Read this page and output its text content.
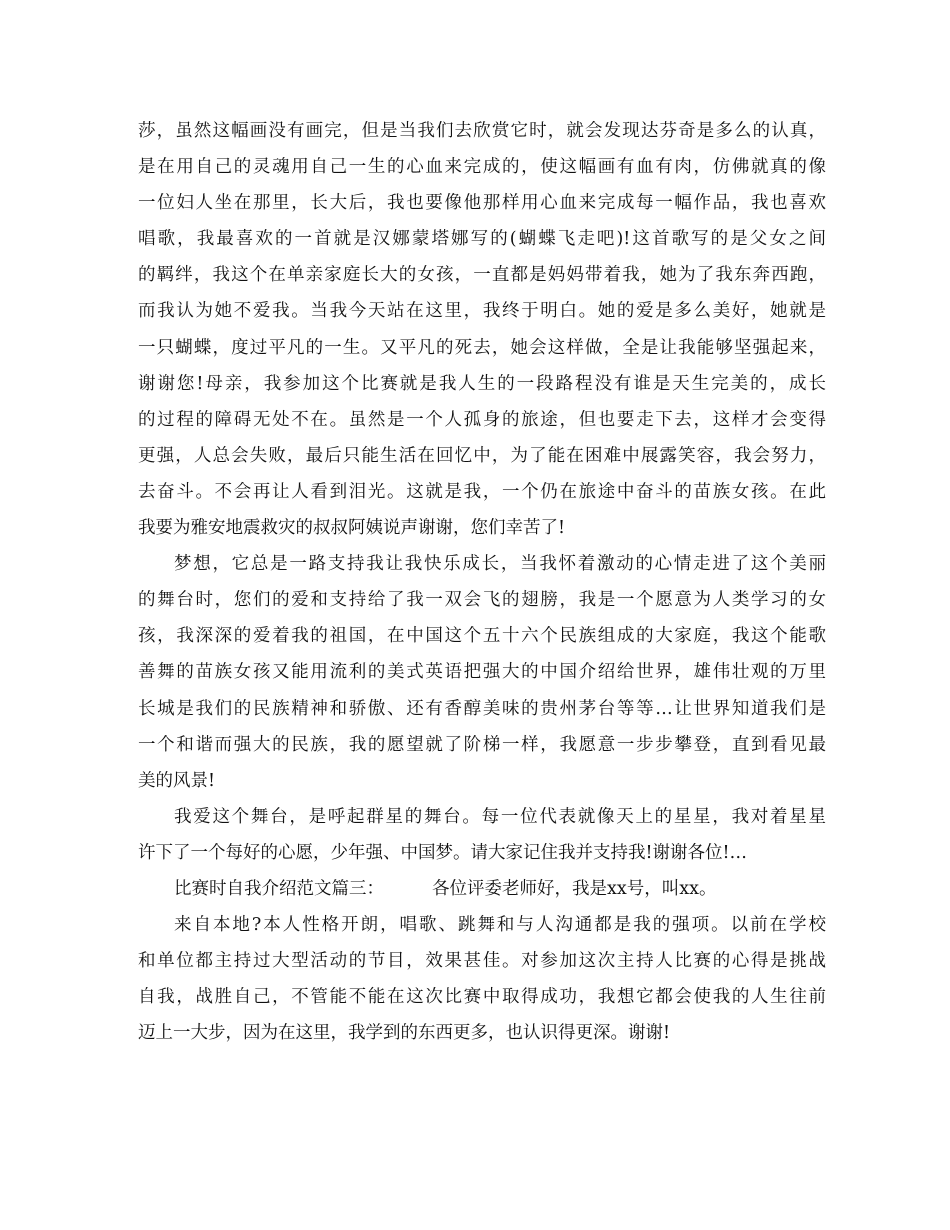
莎，虽然这幅画没有画完，但是当我们去欣赏它时，就会发现达芬奇是多么的认真，
是在用自己的灵魂用自己一生的心血来完成的，使这幅画有血有肉，仿佛就真的像
一位妇人坐在那里，长大后，我也要像他那样用心血来完成每一幅作品，我也喜欢
唱歌，我最喜欢的一首就是汉娜蒙塔娜写的(蝴蝶飞走吧)!这首歌写的是父女之间
的羁绊，我这个在单亲家庭长大的女孩，一直都是妈妈带着我，她为了我东奔西跑，
而我认为她不爱我。当我今天站在这里，我终于明白。她的爱是多么美好，她就是
一只蝴蝶，度过平凡的一生。又平凡的死去，她会这样做，全是让我能够坚强起来，
谢谢您!母亲，我参加这个比赛就是我人生的一段路程没有谁是天生完美的，成长
的过程的障碍无处不在。虽然是一个人孤身的旅途，但也要走下去，这样才会变得
更强，人总会失败，最后只能生活在回忆中，为了能在困难中展露笑容，我会努力，
去奋斗。不会再让人看到泪光。这就是我，一个仍在旅途中奋斗的苗族女孩。在此
我要为雅安地震救灾的叔叔阿姨说声谢谢，您们幸苦了!
梦想，它总是一路支持我让我快乐成长，当我怀着激动的心情走进了这个美丽
的舞台时，您们的爱和支持给了我一双会飞的翅膀，我是一个愿意为人类学习的女
孩，我深深的爱着我的祖国，在中国这个五十六个民族组成的大家庭，我这个能歌
善舞的苗族女孩又能用流利的美式英语把强大的中国介绍给世界，雄伟壮观的万里
长城是我们的民族精神和骄傲、还有香醇美味的贵州茅台等等…让世界知道我们是
一个和谐而强大的民族，我的愿望就了阶梯一样，我愿意一步步攀登，直到看见最
美的风景!
我爱这个舞台，是呼起群星的舞台。每一位代表就像天上的星星，我对着星星
许下了一个每好的心愿，少年强、中国梦。请大家记住我并支持我!谢谢各位!…
比赛时自我介绍范文篇三：	各位评委老师好，我是xx号，叫xx。
来自本地?本人性格开朗，唱歌、跳舞和与人沟通都是我的强项。以前在学校
和单位都主持过大型活动的节目，效果甚佳。对参加这次主持人比赛的心得是挑战
自我，战胜自己，不管能不能在这次比赛中取得成功，我想它都会使我的人生往前
迈上一大步，因为在这里，我学到的东西更多，也认识得更深。谢谢!
